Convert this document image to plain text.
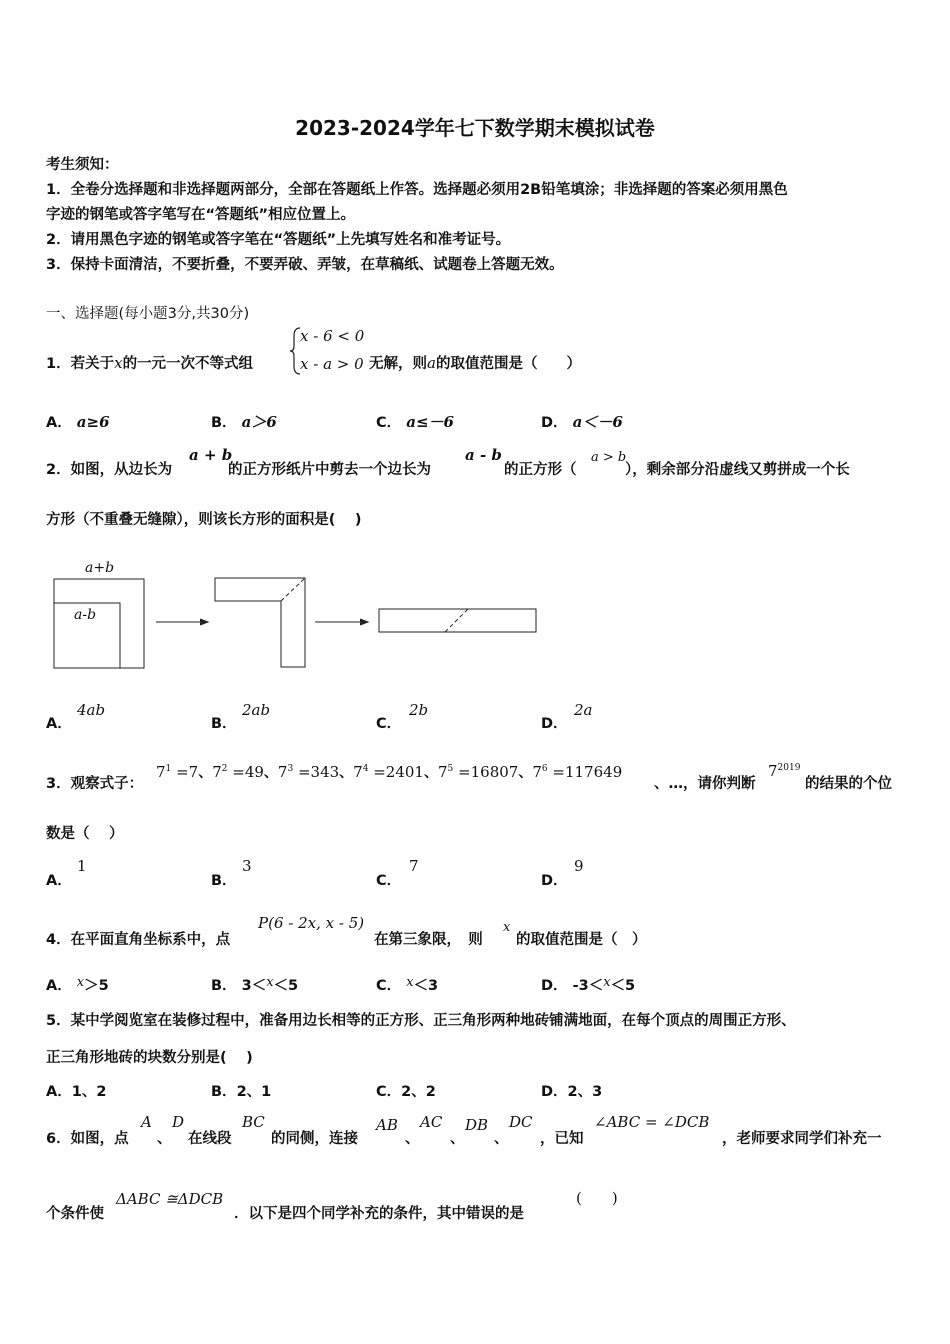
2023-2024学年七下数学期末模拟试卷
考生须知：
1．全卷分选择题和非选择题两部分，全部在答题纸上作答。选择题必须用2B铅笔填涂；非选择题的答案必须用黑色
字迹的钢笔或答字笔写在“答题纸”相应位置上。
2．请用黑色字迹的钢笔或答字笔在“答题纸”上先填写姓名和准考证号。
3．保持卡面清洁，不要折叠，不要弄破、弄皱，在草稿纸、试题卷上答题无效。
一、选择题(每小题3分,共30分)
1．若关于x的一元一次不等式组
x - 6 < 0
x - a > 0 无解，则a的取值范围是（　　）
A． a≥6	B． a＞6	C． a≤－6	D． a＜－6
2．如图，从边长为
a + b
的正方形纸片中剪去一个边长为
a - b
的正方形（
a > b
），剩余部分沿虚线又剪拼成一个长
方形（不重叠无缝隙），则该长方形的面积是(　 )
a+b
a-b
A．
4ab
B．
2ab
C．
2b
D．
2a
3．观察式子：
$7^1 =7$、$7^2 =49$、$7^3 =343$、$7^4 =2401$、$7^5 =16807$、$7^6 =117649$
、…，请你判断
$7^{2019}$
的结果的个位
数是（　 ）
A．
1
B．
3
C．
7
D．
9
4．在平面直角坐标系中，点
P(6 - 2x, x - 5)
在第三象限，　则
x
的取值范围是（　）
A． x＞5	B． 3＜x＜5	C． x＜3	D． -3＜x＜5
5．某中学阅览室在装修过程中，准备用边长相等的正方形、正三角形两种地砖铺满地面，在每个顶点的周围正方形、
正三角形地砖的块数分别是(　 )
A．1、2	B．2、1	C．2、2	D．2、3
6．如图，点
A
、
D
在线段
BC
的同侧，连接
AB
、
AC
、
DB
、
DC
，已知
∠ABC = ∠DCB
，老师要求同学们补充一
个条件使
ΔABC ≅ΔDCB
．以下是四个同学补充的条件，其中错误的是
(　　)
